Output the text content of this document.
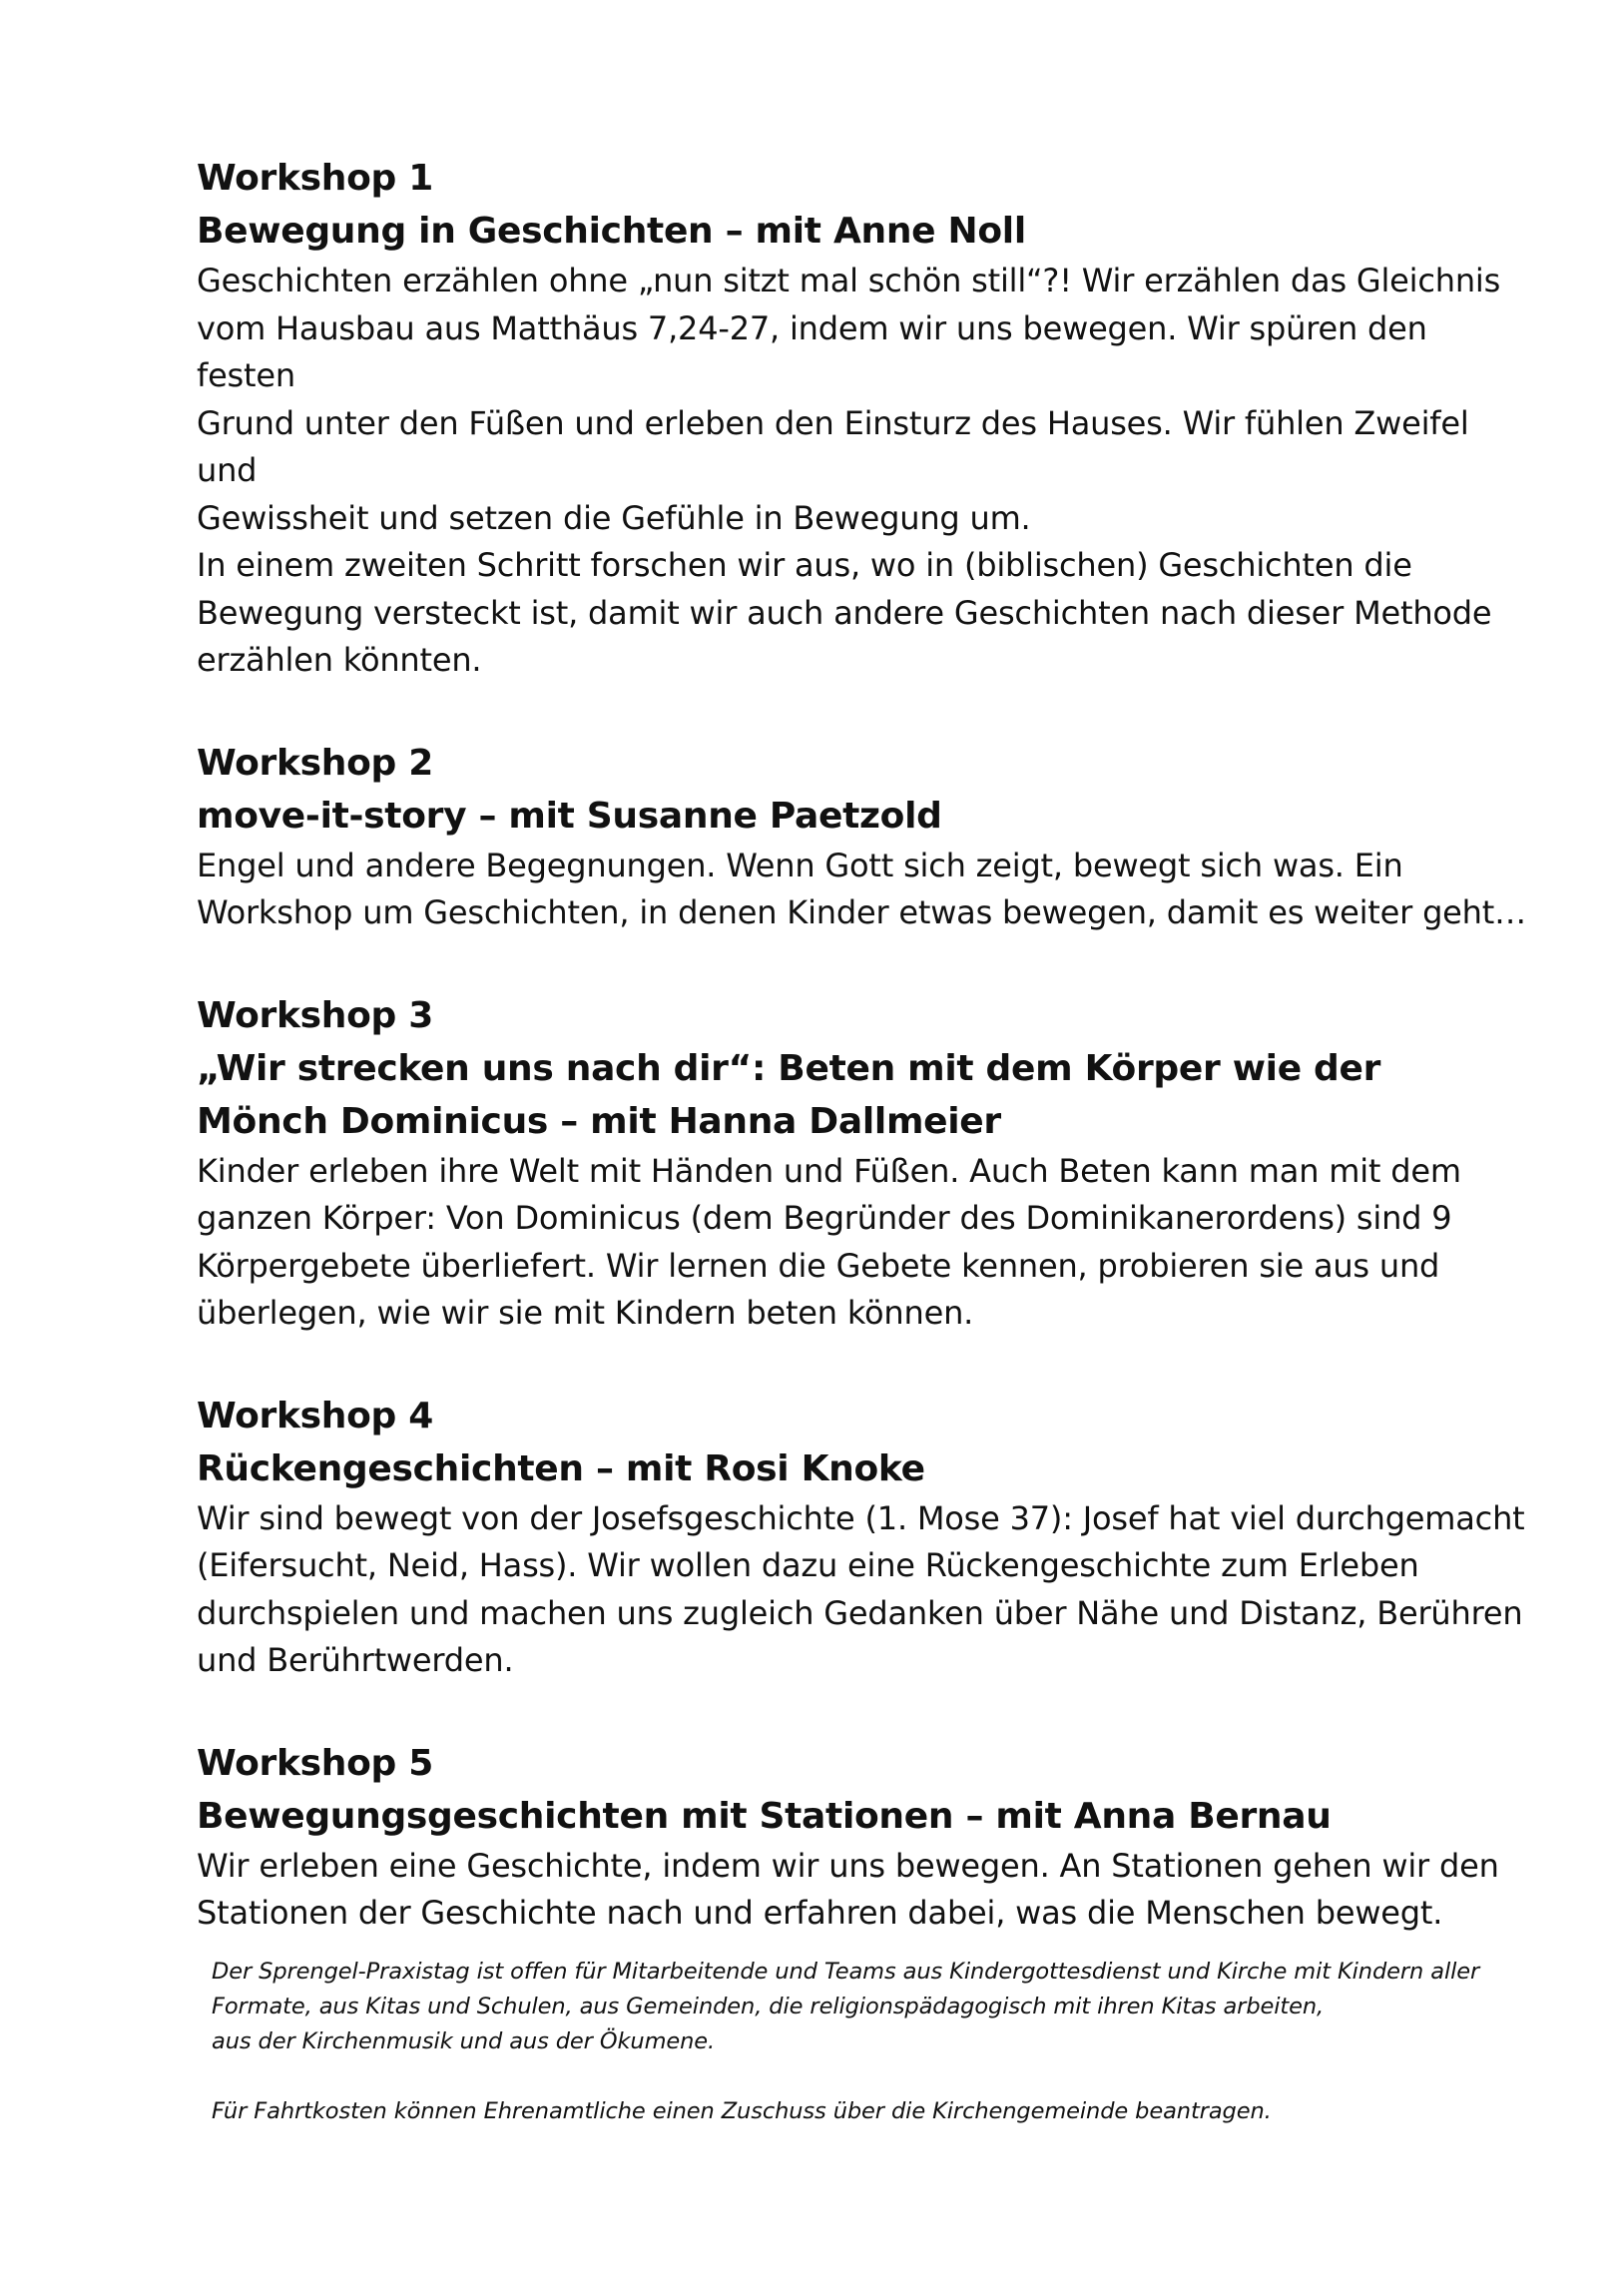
Workshop 1
Bewegung in Geschichten – mit Anne Noll

Geschichten erzählen ohne „nun sitzt mal schön still“?! Wir erzählen das Gleichnis

vom Hausbau aus Matthäus 7,24-27, indem wir uns bewegen. Wir spüren den festen

Grund unter den Füßen und erleben den Einsturz des Hauses. Wir fühlen Zweifel und

Gewissheit und setzen die Gefühle in Bewegung um.

In einem zweiten Schritt forschen wir aus, wo in (biblischen) Geschichten die

Bewegung versteckt ist, damit wir auch andere Geschichten nach dieser Methode

erzählen könnten.

Workshop 2
move-it-story – mit Susanne Paetzold

Engel und andere Begegnungen. Wenn Gott sich zeigt, bewegt sich was. Ein

Workshop um Geschichten, in denen Kinder etwas bewegen, damit es weiter geht…

Workshop 3
„Wir strecken uns nach dir“: Beten mit dem Körper wie der
Mönch Dominicus – mit Hanna Dallmeier

Kinder erleben ihre Welt mit Händen und Füßen. Auch Beten kann man mit dem

ganzen Körper: Von Dominicus (dem Begründer des Dominikanerordens) sind 9

Körpergebete überliefert. Wir lernen die Gebete kennen, probieren sie aus und

überlegen, wie wir sie mit Kindern beten können.

Workshop 4
Rückengeschichten – mit Rosi Knoke

Wir sind bewegt von der Josefsgeschichte (1. Mose 37): Josef hat viel durchgemacht

(Eifersucht, Neid, Hass). Wir wollen dazu eine Rückengeschichte zum Erleben

durchspielen und machen uns zugleich Gedanken über Nähe und Distanz, Berühren

und Berührtwerden.

Workshop 5
Bewegungsgeschichten mit Stationen – mit Anna Bernau

Wir erleben eine Geschichte, indem wir uns bewegen. An Stationen gehen wir den

Stationen der Geschichte nach und erfahren dabei, was die Menschen bewegt.

Der Sprengel-Praxistag ist offen für Mitarbeitende und Teams aus Kindergottesdienst und Kirche mit Kindern aller

Formate, aus Kitas und Schulen, aus Gemeinden, die religionspädagogisch mit ihren Kitas arbeiten,

aus der Kirchenmusik und aus der Ökumene.

Für Fahrtkosten können Ehrenamtliche einen Zuschuss über die Kirchengemeinde beantragen.
